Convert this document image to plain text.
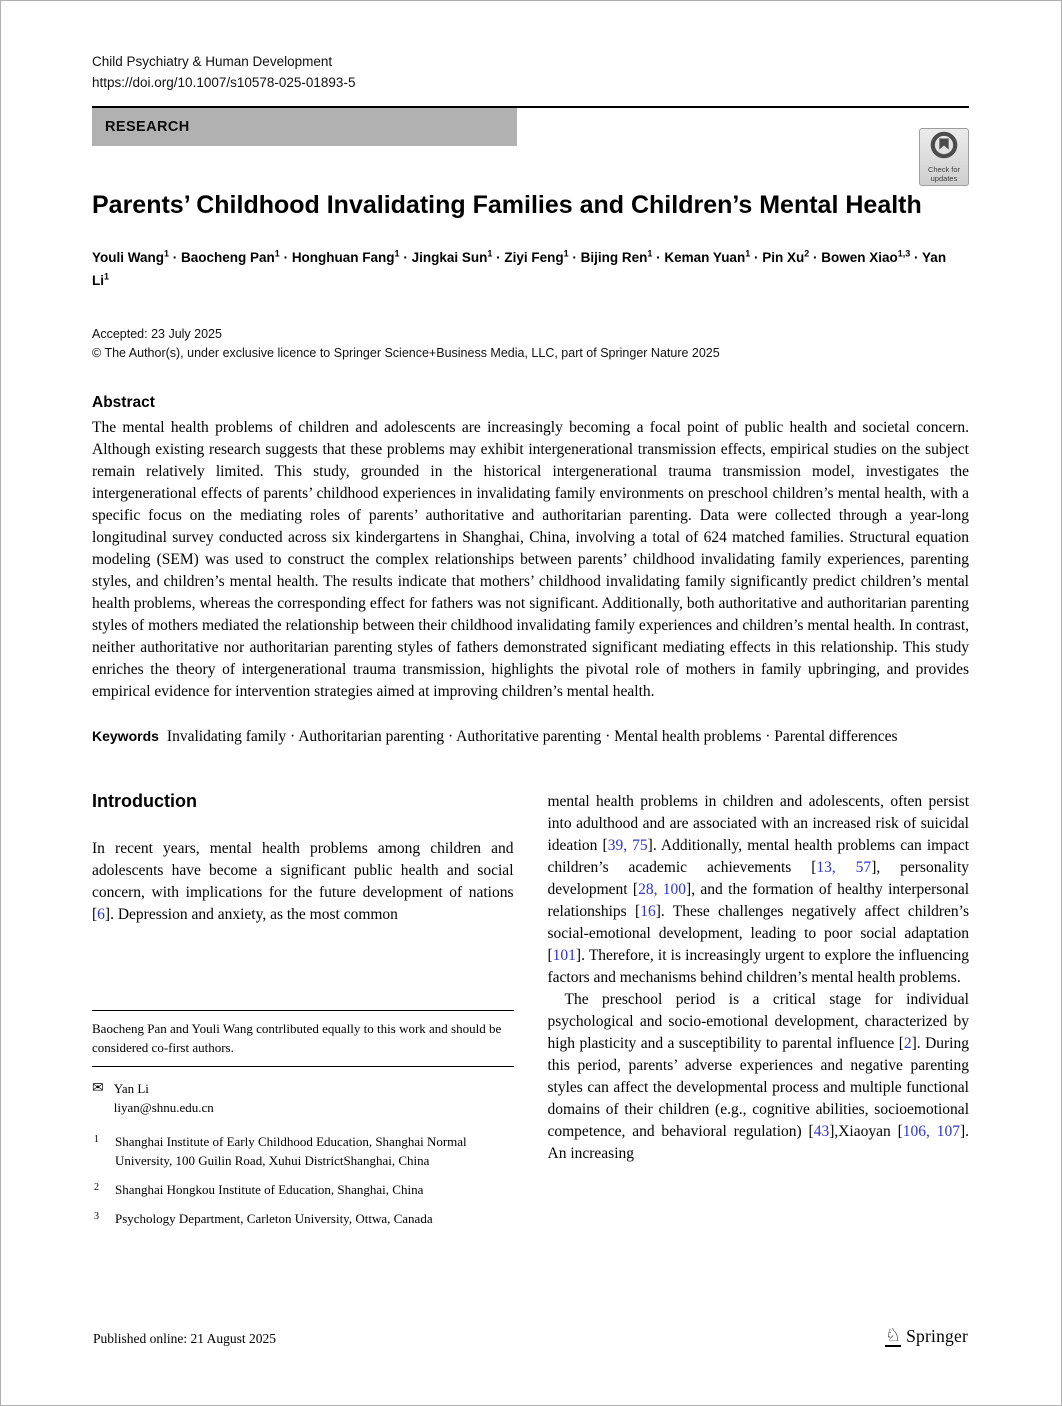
Child Psychiatry & Human Development
https://doi.org/10.1007/s10578-025-01893-5
RESEARCH
Check for
updates
Parents’ Childhood Invalidating Families and Children’s Mental Health
Youli Wang$^1$ · Baocheng Pan$^1$ · Honghuan Fang$^1$ · Jingkai Sun$^1$ · Ziyi Feng$^1$ · Bijing Ren$^1$ · Keman Yuan$^1$ · Pin $Xu^2$ · Bowen Xiao$^{1,3}$ · Yan Li$^1$
Accepted: 23 July 2025
© The Author(s), under exclusive licence to Springer Science+Business Media, LLC, part of Springer Nature 2025
Abstract

The mental health problems of children and adolescents are increasingly becoming a focal point of public health and societal concern. Although existing research suggests that these problems may exhibit intergenerational transmission effects, empirical studies on the subject remain relatively limited. This study, grounded in the historical intergenerational trauma transmission model, investigates the intergenerational effects of parents’ childhood experiences in invalidating family environments on preschool children’s mental health, with a specific focus on the mediating roles of parents’ authoritative and authoritarian parenting. Data were collected through a year-long longitudinal survey conducted across six kindergartens in Shanghai, China, involving a total of 624 matched families. Structural equation modeling (SEM) was used to construct the complex relationships between parents’ childhood invalidating family experiences, parenting styles, and children’s mental health. The results indicate that mothers’ childhood invalidating family significantly predict children’s mental health problems, whereas the corresponding effect for fathers was not significant. Additionally, both authoritative and authoritarian parenting styles of mothers mediated the relationship between their childhood invalidating family experiences and children’s mental health. In contrast, neither authoritative nor authoritarian parenting styles of fathers demonstrated significant mediating effects in this relationship. This study enriches the theory of intergenerational trauma transmission, highlights the pivotal role of mothers in family upbringing, and provides empirical evidence for intervention strategies aimed at improving children’s mental health.

Keywords Invalidating family · Authoritarian parenting · Authoritative parenting · Mental health problems · Parental differences

Introduction

In recent years, mental health problems among children and adolescents have become a significant public health and social concern, with implications for the future development of nations [6]. Depression and anxiety, as the most common

Baocheng Pan and Youli Wang contrlibuted equally to this work and should be considered co-first authors.

✉ Yan Li
liyan@shnu.edu.cn
1 Shanghai Institute of Early Childhood Education, Shanghai Normal University, 100 Guilin Road, Xuhui DistrictShanghai, China
2 Shanghai Hongkou Institute of Education, Shanghai, China
3 Psychology Department, Carleton University, Ottwa, Canada

mental health problems in children and adolescents, often persist into adulthood and are associated with an increased risk of suicidal ideation [39, 75]. Additionally, mental health problems can impact children’s academic achievements [13, 57], personality development [28, 100], and the formation of healthy interpersonal relationships [16]. These challenges negatively affect children’s social-emotional development, leading to poor social adaptation [101]. Therefore, it is increasingly urgent to explore the influencing factors and mechanisms behind children’s mental health problems.

The preschool period is a critical stage for individual psychological and socio-emotional development, characterized by high plasticity and a susceptibility to parental influence [2]. During this period, parents’ adverse experiences and negative parenting styles can affect the developmental process and multiple functional domains of their children (e.g., cognitive abilities, socioemotional competence, and behavioral regulation) [43],Xiaoyan [106, 107]. An increasing

Published online: 21 August 2025	♘ Springer
